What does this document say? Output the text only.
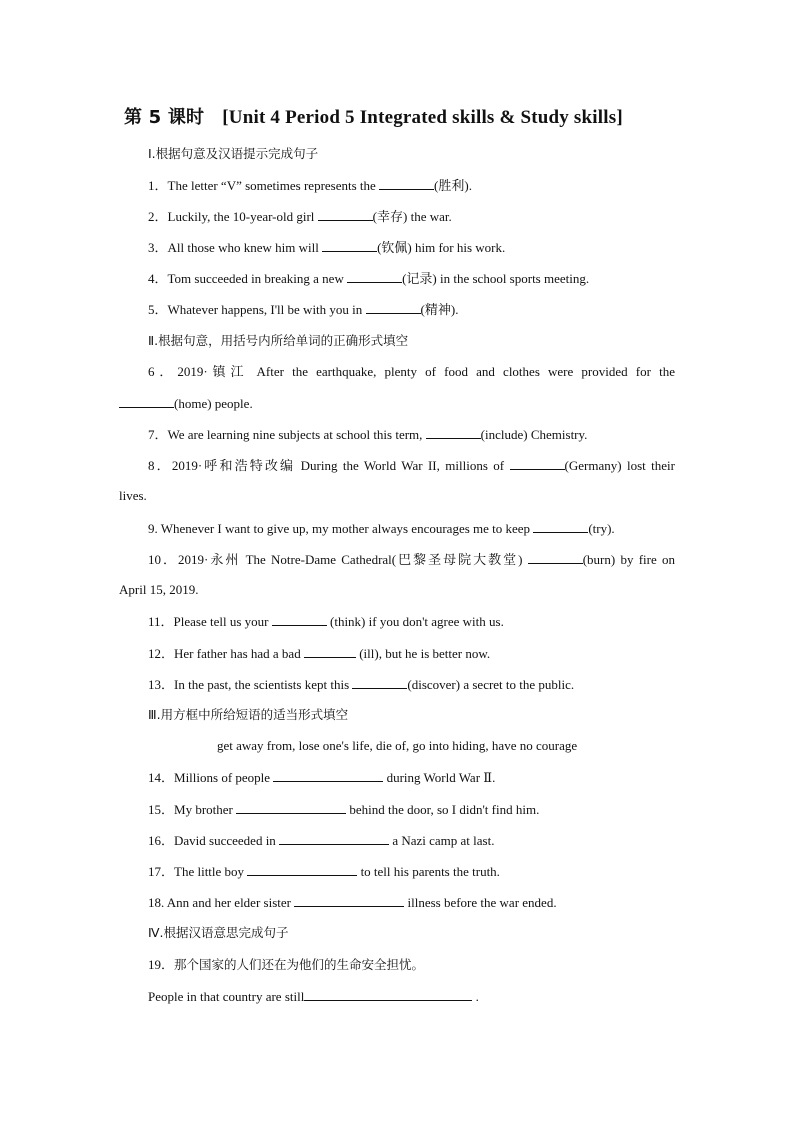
第 5 课时 [Unit 4 Period 5 Integrated skills & Study skills]
Ⅰ.根据句意及汉语提示完成句子
1．The letter “V” sometimes represents the	(胜利).
2．Luckily, the 10-year-old girl	(幸存) the war.
3．All those who knew him will	(钦佩) him for his work.
4．Tom succeeded in breaking a new	(记录) in the school sports meeting.
5．Whatever happens, I'll be with you in	(精神).
Ⅱ.根据句意，用括号内所给单词的正确形式填空
6．2019·镇江 After the earthquake, plenty of food and clothes were provided for the
(home) people.
7．We are learning nine subjects at school this term,	(include) Chemistry.
8．2019·呼和浩特改编 During the World War II, millions of	(Germany) lost their
lives.
9. Whenever I want to give up, my mother always encourages me to keep	(try).
10．2019·永州 The Notre-Dame Cathedral(巴黎圣母院大教堂)	(burn) by fire on
April 15, 2019.
11．Please tell us your	(think) if you don't agree with us.
12．Her father has had a bad	(ill), but he is better now.
13．In the past, the scientists kept this	(discover) a secret to the public.
Ⅲ.用方框中所给短语的适当形式填空
get away from, lose one's life, die of, go into hiding, have no courage
14．Millions of people	during World War Ⅱ.
15．My brother	behind the door, so I didn't find him.
16．David succeeded in	a Nazi camp at last.
17．The little boy	to tell his parents the truth.
18. Ann and her elder sister	illness before the war ended.
Ⅳ.根据汉语意思完成句子
19．那个国家的人们还在为他们的生命安全担忧。
People in that country are still	.
